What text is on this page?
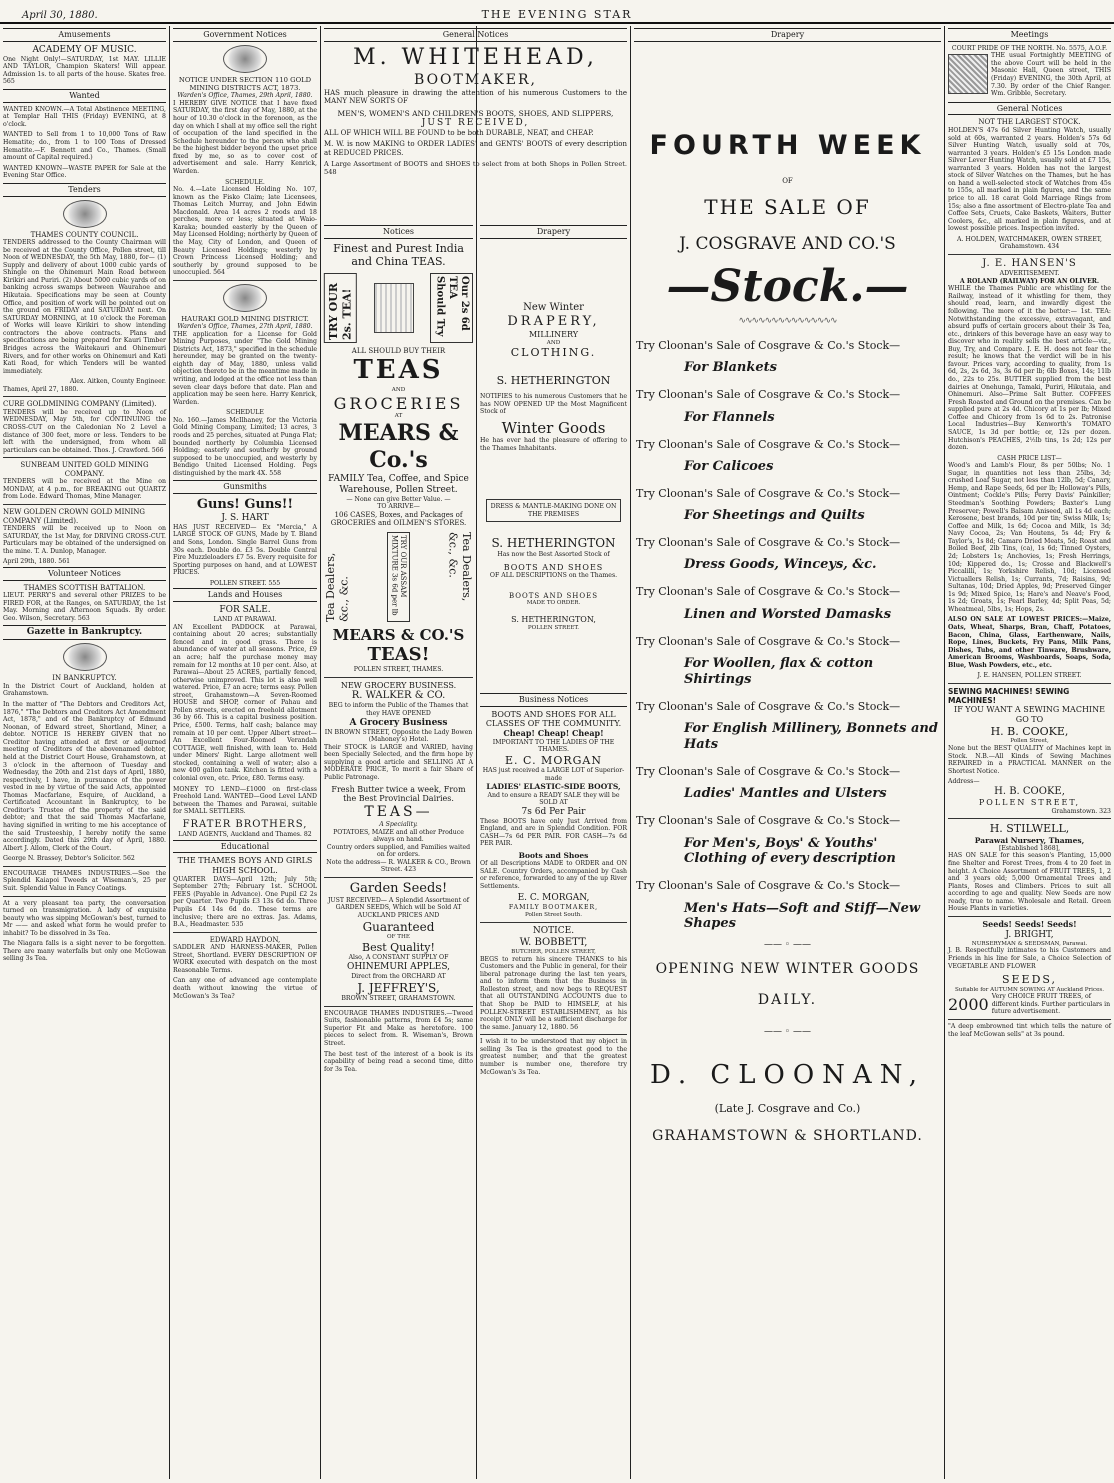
April 30, 1880.	THE EVENING STAR
Amusements
ACADEMY OF MUSIC.
One Night Only!—SATURDAY, 1st MAY. LILLIE AND TAYLOR, Champion Skaters! Will appear. Admission 1s. to all parts of the house. Skates free. 565
Wanted
WANTED KNOWN.—A Total Abstinence MEETING, at Templar Hall THIS (Friday) EVENING, at 8 o'clock.
WANTED to Sell from 1 to 10,000 Tons of Raw Hematite; do., from 1 to 100 Tons of Dressed Hematite.—F. Bennett and Co., Thames. (Small amount of Capital required.)
WANTED KNOWN—WASTE PAPER for Sale at the Evening Star Office.
Tenders
THAMES COUNTY COUNCIL.
TENDERS addressed to the County Chairman will be received at the County Office, Pollen street, till Noon of WEDNESDAY, the 5th May, 1880, for— (1) Supply and delivery of about 1000 cubic yards of Shingle on the Ohinemuri Main Road between Kirikiri and Puriri. (2) About 5000 cubic yards of on banking across swamps between Waurahoe and Hikutaia. Specifications may be seen at County Office, and position of work will be pointed out on the ground on FRIDAY and SATURDAY next. On SATURDAY MORNING, at 10 o'clock the Foreman of Works will leave Kirikiri to show intending contractors the above contracts. Plans and specifications are being prepared for Kauri Timber Bridges across the Waitekauri and Ohinemuri Rivers, and for other works on Ohinemuri and Kati Kati Road, for which Tenders will be wanted immediately.
Alex. Aitken, County Engineer.
Thames, April 27, 1880.
CURE GOLDMINING COMPANY (Limited).
TENDERS will be received up to Noon of WEDNESDAY, May 5th, for CONTINUING the CROSS-CUT on the Caledonian No 2 Level a distance of 300 feet, more or less. Tenders to be left with the undersigned, from whom all particulars can be obtained. Thos. J. Crawford. 566
SUNBEAM UNITED GOLD MINING COMPANY.
TENDERS will be received at the Mine on MONDAY, at 4 p.m., for BREAKING out QUARTZ from Lode. Edward Thomas, Mine Manager.
NEW GOLDEN CROWN GOLD MINING COMPANY (Limited).
TENDERS will be received up to Noon on SATURDAY, the 1st May, for DRIVING CROSS-CUT. Particulars may be obtained of the undersigned on the mine. T. A. Dunlop, Manager.
April 29th, 1880. 561
Volunteer Notices
THAMES SCOTTISH BATTALION.
LIEUT. PERRY'S and several other PRIZES to be FIRED FOR, at the Ranges, on SATURDAY, the 1st May. Morning and Afternoon Squads. By order. Geo. Wilson, Secretary. 563
Gazette in Bankruptcy.
IN BANKRUPTCY.
In the District Court of Auckland, holden at Grahamstown.
In the matter of "The Debtors and Creditors Act, 1876," "The Debtors and Creditors Act Amendment Act, 1878," and of the Bankruptcy of Edmund Noonan, of Edward street, Shortland, Miner, a debtor. NOTICE IS HEREBY GIVEN that no Creditor having attended at first or adjourned meeting of Creditors of the abovenamed debtor, held at the District Court House, Grahamstown, at 3 o'clock in the afternoon of Tuesday and Wednesday, the 20th and 21st days of April, 1880, respectively, I have, in pursuance of the power vested in me by virtue of the said Acts, appointed Thomas Macfarlane, Esquire, of Auckland, a Certificated Accountant in Bankruptcy, to be Creditor's Trustee of the property of the said debtor; and that the said Thomas Macfarlane, having signified in writing to me his acceptance of the said Trusteeship, I hereby notify the same accordingly. Dated this 29th day of April, 1880. Albert J. Allom, Clerk of the Court.
George N. Brassey, Debtor's Solicitor. 562
ENCOURAGE THAMES INDUSTRIES.—See the Splendid Kaiapoi Tweeds at Wiseman's, 25 per Suit. Splendid Value in Fancy Coatings.
At a very pleasant tea party, the conversation turned on transmigration. A lady of exquisite beauty who was sipping McGowan's best, turned to Mr —— and asked what form he would prefer to inhabit? To be dissolved in 3s Tea.
The Niagara falls is a sight never to be forgotten. There are many waterfalls but only one McGowan selling 3s Tea.
Government Notices
NOTICE UNDER SECTION 110 GOLD MINING DISTRICTS ACT, 1873.
Warden's Office, Thames, 29th April, 1880.
I HEREBY GIVE NOTICE that I have fixed SATURDAY, the first day of May, 1880, at the hour of 10.30 o'clock in the forenoon, as the day on which I shall at my office sell the right of occupation of the land specified in the Schedule hereunder to the person who shall be the highest bidder beyond the upset price fixed by me, so as to cover cost of advertisement and sale. Harry Kenrick, Warden.
SCHEDULE.
No. 4.—Late Licensed Holding No. 107, known as the Fisko Claim; late Licensees, Thomas Leitch Murray, and John Edwin Macdonald. Area 14 acres 2 roods and 18 perches, more or less; situated at Waio-Karaka; bounded easterly by the Queen of May Licensed Holding; northerly by Queen of the May, City of London, and Queen of Beauty Licensed Holdings; westerly by Crown Princess Licensed Holding; and southerly by ground supposed to be unoccupied. 564
HAURAKI GOLD MINING DISTRICT.
Warden's Office, Thames, 27th April, 1880.
THE application for a License for Gold Mining Purposes, under "The Gold Mining Districts Act, 1873," specified in the schedule hereunder, may be granted on the twenty-eighth day of May, 1880, unless valid objection thereto be in the meantime made in writing, and lodged at the office not less than seven clear days before that date. Plan and application may be seen here. Harry Kenrick, Warden.
SCHEDULE
No. 160.—James McIlhaney, for the Victoria Gold Mining Company, Limited; 13 acres, 3 roods and 25 perches, situated at Punga Flat; bounded northerly by Columbia Licensed Holding; easterly and southerly by ground supposed to be unoccupied, and westerly by Bendigo United Licensed Holding. Pegs distinguished by the mark 4X. 558
Gunsmiths
Guns! Guns!!
J. S. HART
HAS JUST RECEIVED— Ex "Mercia," A LARGE STOCK OF GUNS, Made by T. Bland and Sons, London. Single Barrel Guns from 30s each. Double do. £3 5s. Double Central Fire Muzzleloaders £7 5s. Every requisite for Sporting purposes on hand, and at LOWEST PRICES.
POLLEN STREET. 555
Lands and Houses
FOR SALE.
LAND AT PARAWAI.
AN Excellent PADDOCK at Parawai, containing about 20 acres; substantially fenced and in good grass. There is abundance of water at all seasons. Price, £9 an acre; half the purchase money may remain for 12 months at 10 per cent. Also, at Parawai—About 25 ACRES, partially fenced, otherwise unimproved. This lot is also well watered. Price, £7 an acre; terms easy. Pollen street, Grahamstown—A Seven-Roomed HOUSE and SHOP, corner of Pahau and Pollen streets, erected on freehold allotment 36 by 66. This is a capital business position. Price, £500. Terms, half cash; balance may remain at 10 per cent. Upper Albert street—An Excellent Four-Roomed Verandah COTTAGE, well finished, with lean to. Held under Miners' Right. Large allotment well stocked, containing a well of water; also a new 400 gallon tank. Kitchen is fitted with a colonial oven, etc. Price, £80. Terms easy.
MONEY TO LEND—£1000 on first-class Freehold Land. WANTED—Good Level LAND between the Thames and Parawai, suitable for SMALL SETTLERS.
FRATER BROTHERS,
LAND AGENTS, Auckland and Thames. 82
Educational
THE THAMES BOYS AND GIRLS HIGH SCHOOL.
QUARTER DAYS—April 12th; July 5th; September 27th; February 1st. SCHOOL FEES (Payable in Advance). One Pupil £2 2s per Quarter. Two Pupils £3 13s 6d do. Three Pupils £4 14s 6d do. These terms are inclusive; there are no extras. Jas. Adams, B.A., Headmaster. 535
EDWARD HAYDON,
SADDLER AND HARNESS-MAKER, Pollen Street, Shortland. EVERY DESCRIPTION OF WORK executed with despatch on the most Reasonable Terms.
Can any one of advanced age contemplate death without knowing the virtue of McGowan's 3s Tea?
General Notices
M. WHITEHEAD,
BOOTMAKER,
HAS much pleasure in drawing the attention of his numerous Customers to the MANY NEW SORTS OF
MEN'S, WOMEN'S AND CHILDREN'S BOOTS, SHOES, AND SLIPPERS,
JUST RECEIVED,
ALL OF WHICH WILL BE FOUND to be both DURABLE, NEAT, and CHEAP.
M. W. is now MAKING to ORDER LADIES' and GENTS' BOOTS of every description at REDUCED PRICES.
A Large Assortment of BOOTS and SHOES to select from at both Shops in Pollen Street. 548
Notices
Finest and Purest India and China TEAS.
TRY OUR 2s. TEA!	Our 2s 6d TEA Should Try
ALL SHOULD BUY THEIR
TEAS
AND
GROCERIES
AT
MEARS & Co.'s
FAMILY Tea, Coffee, and Spice Warehouse, Pollen Street.
— None can give Better Value. —
TO ARRIVE—
106 CASES, Boxes, and Packages of GROCERIES and OILMEN'S STORES.
Tea Dealers, &c., &c.
TRY OUR ASSAM MIXTURE 3s 6d per lb	Tea Dealers, &c., &c.
MEARS & CO.'S
TEAS!
POLLEN STREET, THAMES.
NEW GROCERY BUSINESS.
R. WALKER & CO.
BEG to inform the Public of the Thames that they HAVE OPENED
A Grocery Business
IN BROWN STREET, Opposite the Lady Bowen (Mahoney's) Hotel.
Their STOCK is LARGE and VARIED, having been Specially Selected, and the firm hope by supplying a good article and SELLING AT A MODERATE PRICE, To merit a fair Share of Public Patronage.
Fresh Butter twice a week, From the Best Provincial Dairies.
TEAS—
A Speciality.
POTATOES, MAIZE and all other Produce always on hand.
Country orders supplied, and Families waited on for orders.
Note the address— R. WALKER & CO., Brown Street. 423
Garden Seeds!
JUST RECEIVED— A Splendid Assortment of GARDEN SEEDS, Which will be Sold AT AUCKLAND PRICES AND
Guaranteed
OF THE
Best Quality!
Also, A CONSTANT SUPPLY OF
OHINEMURI APPLES,
Direct from the ORCHARD AT
J. JEFFREY'S,
BROWN STREET, GRAHAMSTOWN.
ENCOURAGE THAMES INDUSTRIES.—Tweed Suits, fashionable patterns, from £4 5s; same Superior Fit and Make as heretofore. 100 pieces to select from. R. Wiseman's, Brown Street.
The best test of the interest of a book is its capability of being read a second time, ditto for 3s Tea.
Drapery
New Winter
DRAPERY,
MILLINERY
AND
CLOTHING.
S. HETHERINGTON
NOTIFIES to his numerous Customers that he has NOW OPENED UP the Most Magnificent Stock of
Winter Goods
He has ever had the pleasure of offering to the Thames Inhabitants.
DRESS & MANTLE-MAKING DONE ON THE PREMISES
S. HETHERINGTON
Has now the Best Assorted Stock of
BOOTS AND SHOES
OF ALL DESCRIPTIONS on the Thames.
BOOTS AND SHOES
MADE TO ORDER.
S. HETHERINGTON,
POLLEN STREET.
Business Notices
BOOTS AND SHOES FOR ALL CLASSES OF THE COMMUNITY.
Cheap! Cheap! Cheap!
IMPORTANT TO THE LADIES OF THE THAMES.
E. C. MORGAN
HAS just received a LARGE LOT of Superior-made
LADIES' ELASTIC-SIDE BOOTS,
And to ensure a READY SALE they will be SOLD AT
7s 6d Per Pair
These BOOTS have only Just Arrived from England, and are in Splendid Condition. FOR CASH—7s 6d PER PAIR. FOR CASH—7s 6d PER PAIR.
Boots and Shoes
Of all Descriptions MADE to ORDER and ON SALE. Country Orders, accompanied by Cash or reference, forwarded to any of the up River Settlements.
E. C. MORGAN,
FAMILY BOOTMAKER,
Pollen Street South.
NOTICE.
W. BOBBETT,
BUTCHER, POLLEN STREET,
BEGS to return his sincere THANKS to his Customers and the Public in general, for their liberal patronage during the last ten years, and to inform them that the Business in Rolleston street, and now begs to REQUEST that all OUTSTANDING ACCOUNTS due to that Shop be PAID to HIMSELF, at his POLLEN-STREET ESTABLISHMENT, as his receipt ONLY will be a sufficient discharge for the same. January 12, 1880. 56
I wish it to be understood that my object in selling 3s Tea is the greatest good to the greatest number, and that the greatest number is number one, therefore try McGowan's 3s Tea.
Drapery
FOURTH WEEK
OF
THE SALE OF
J. COSGRAVE AND CO.'S
—Stock.—
∿∿∿∿∿∿∿∿∿∿∿∿∿∿∿
Try Cloonan's Sale of Cosgrave & Co.'s Stock—
For Blankets
Try Cloonan's Sale of Cosgrave & Co.'s Stock—
For Flannels
Try Cloonan's Sale of Cosgrave & Co.'s Stock—
For Calicoes
Try Cloonan's Sale of Cosgrave & Co.'s Stock—
For Sheetings and Quilts
Try Cloonan's Sale of Cosgrave & Co.'s Stock—
Dress Goods, Winceys, &c.
Try Cloonan's Sale of Cosgrave & Co.'s Stock—
Linen and Worsted Damasks
Try Cloonan's Sale of Cosgrave & Co.'s Stock—
For Woollen, flax & cotton Shirtings
Try Cloonan's Sale of Cosgrave & Co.'s Stock—
For English Millinery, Bonnets and Hats
Try Cloonan's Sale of Cosgrave & Co.'s Stock—
Ladies' Mantles and Ulsters
Try Cloonan's Sale of Cosgrave & Co.'s Stock—
For Men's, Boys' & Youths' Clothing of every description
Try Cloonan's Sale of Cosgrave & Co.'s Stock—
Men's Hats—Soft and Stiff—New Shapes
—— ◦ ——
OPENING NEW WINTER GOODS
DAILY.
—— ◦ ——
D. CLOONAN,
(Late J. Cosgrave and Co.)
GRAHAMSTOWN & SHORTLAND.
Meetings
COURT PRIDE OF THE NORTH. No. 5575, A.O.F.
THE usual Fortnightly MEETING of the above Court will be held in the Masonic Hall, Queen street, THIS (Friday) EVENING, the 30th April, at 7.30. By order of the Chief Ranger. Wm. Gribble, Secretary.
General Notices
NOT THE LARGEST STOCK.
HOLDEN'S 47s 6d Silver Hunting Watch, usually sold at 60s, warranted 2 years. Holden's 57s 6d Silver Hunting Watch, usually sold at 70s, warranted 3 years. Holden's £5 15s London made Silver Lever Hunting Watch, usually sold at £7 15s, warranted 3 years. Holden has not the largest stock of Silver Watches on the Thames, but he has on hand a well-selected stock of Watches from 45s to 155s, all marked in plain figures, and the same price to all. 18 carat Gold Marriage Rings from 15s; also a fine assortment of Electro-plate Tea and Coffee Sets, Cruets, Cake Baskets, Waiters, Butter Coolers, &c., all marked in plain figures, and at lowest possible prices. Inspection invited.
A. HOLDEN, WATCHMAKER, OWEN STREET, Grahamstown. 434
J. E. HANSEN'S
ADVERTISEMENT.
A ROLAND (RAILWAY) FOR AN OLIVER.
WHILE the Thames Public are whistling for the Railway, instead of it whistling for them, they should read, learn, and inwardly digest the following. The more of it the better:— 1st. TEA: Notwithstanding the excessive, extravagant, and absurd puffs of certain grocers about their 3s Tea, etc., drinkers of this beverage have an easy way to discover who in reality sells the best article—viz., Buy, Try, and Compare. J. E. H. does not fear the result; he knows that the verdict will be in his favour. Prices vary, according to quality, from 1s 6d, 2s, 2s 6d, 3s, 3s 6d per lb; 6lb Boxes, 14s; 11lb do., 22s to 25s. BUTTER supplied from the best dairies at Onehunga, Tamaki, Puriri, Hikutaia, and Ohinemuri. Also—Prime Salt Butter. COFFEES Fresh Roasted and Ground on the premises. Can be supplied pure at 2s 4d. Chicory at 1s per lb; Mixed Coffee and Chicory from 1s 6d to 2s. Patronise Local Industries—Buy Kenworth's TOMATO SAUCE, 1s 3d per bottle; or, 12s per dozen. Hutchison's PEACHES, 2½lb tins, 1s 2d; 12s per dozen.
CASH PRICE LIST—
Wood's and Lamb's Flour, 8s per 50lbs; No. 1 Sugar, in quantities not less than 25lbs, 3d; crushed Loaf Sugar, not less than 12lb, 5d; Canary, Hemp, and Rape Seeds, 6d per lb; Holloway's Pills, Ointment; Cockle's Pills; Perry Davis' Painkiller; Steedman's Soothing Powders; Baxter's Lung Preserver; Powell's Balsam Aniseed, all 1s 4d each; Kerosene, best brands, 10d per tin; Swiss Milk, 1s; Coffee and Milk, 1s 6d; Cocoa and Milk, 1s 3d; Navy Cocoa, 2s; Van Houtens, 5s 4d; Fry & Taylor's, 1s 8d; Camaro Dried Meats, 5d; Roast and Boiled Beef, 2lb Tins, (ca), 1s 6d; Tinned Oysters, 2d; Lobsters 1s; Anchovies, 1s; Fresh Herrings, 10d; Kippered do., 1s; Crosse and Blackwell's Piccalilli, 1s; Yorkshire Relish, 10d; Licensed Victuallers Relish, 1s; Currants, 7d; Raisins, 9d; Sultanas, 10d; Dried Apples, 9d; Preserved Ginger 1s 9d; Mixed Spice, 1s; Hare's and Neave's Food, 1s 2d; Groats, 1s; Pearl Barley, 4d; Split Peas, 5d; Wheatmeal, 5lbs, 1s; Hops, 2s.
ALSO ON SALE AT LOWEST PRICES:—Maize, Oats, Wheat, Sharps, Bran, Chaff, Potatoes, Bacon, China, Glass, Earthenware, Nails, Rope, Lines, Buckets, Fry Pans, Milk Pans, Dishes, Tubs, and other Tinware, Brushware, American Brooms, Washboards, Soaps, Soda, Blue, Wash Powders, etc., etc.
J. E. HANSEN, POLLEN STREET.
SEWING MACHINES! SEWING MACHINES!
IF YOU WANT A SEWING MACHINE GO TO
H. B. COOKE,
Pollen Street,
None but the BEST QUALITY of Machines kept in Stock. N.B.—All Kinds of Sewing Machines REPAIRED in a PRACTICAL MANNER on the Shortest Notice.
Address—
H. B. COOKE,
POLLEN STREET,
Grahamstown. 323
H. STILWELL,
Parawai Nursery, Thames,
[Established 1868],
HAS ON SALE for this season's Planting, 15,000 fine Shelter and Forest Trees, from 4 to 20 feet in height. A Choice Assortment of FRUIT TREES, 1, 2 and 3 years old; 5,000 Ornamental Trees and Plants, Roses and Climbers. Prices to suit all according to age and quality. New Seeds are now ready, true to name. Wholesale and Retail. Green House Plants in varieties.
Seeds! Seeds! Seeds!
J. BRIGHT,
NURSERYMAN & SEEDSMAN, Parawai.
J. B. Respectfully intimates to his Customers and Friends in his line for Sale, a Choice Selection of VEGETABLE AND FLOWER
SEEDS,
Suitable for AUTUMN SOWING AT Auckland Prices.
2000 Very CHOICE FRUIT TREES, of different kinds. Further particulars in future advertisement.
"A deep embrowned tint which tells the nature of the leaf McGowan sells" at 3s pound.
